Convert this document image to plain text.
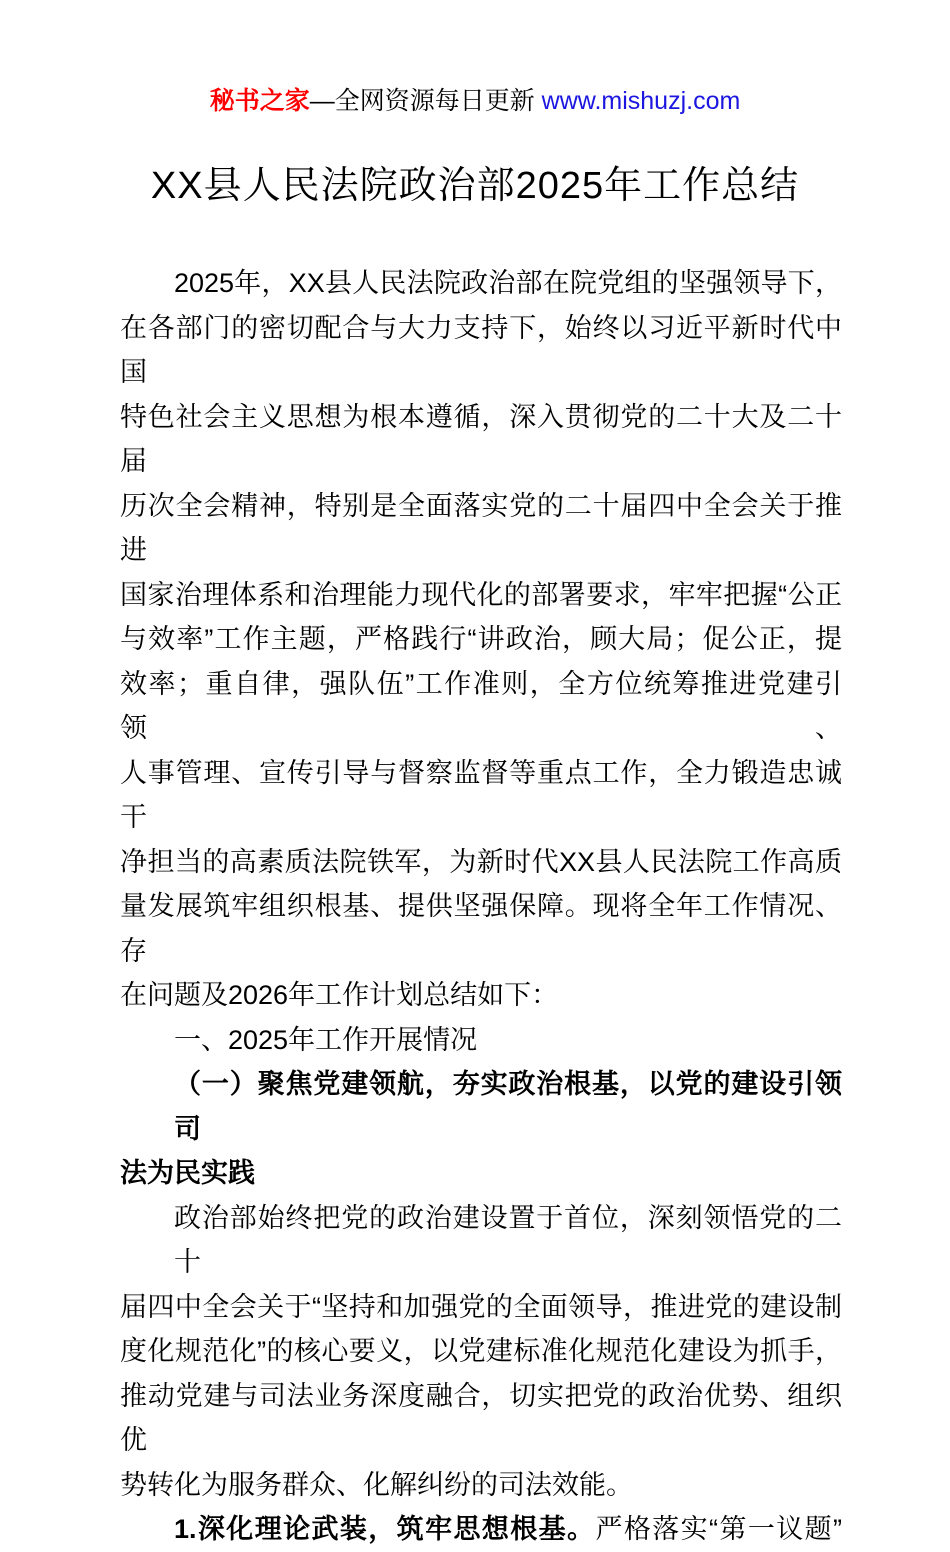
秘书之家—全网资源每日更新 www.mishuzj.com
XX县人民法院政治部2025年工作总结
2025年，XX县人民法院政治部在院党组的坚强领导下，
在各部门的密切配合与大力支持下，始终以习近平新时代中国
特色社会主义思想为根本遵循，深入贯彻党的二十大及二十届
历次全会精神，特别是全面落实党的二十届四中全会关于推进
国家治理体系和治理能力现代化的部署要求，牢牢把握“公正
与效率”工作主题，严格践行“讲政治，顾大局；促公正，提
效率；重自律，强队伍”工作准则，全方位统筹推进党建引领、
人事管理、宣传引导与督察监督等重点工作，全力锻造忠诚干
净担当的高素质法院铁军，为新时代XX县人民法院工作高质
量发展筑牢组织根基、提供坚强保障。现将全年工作情况、存
在问题及2026年工作计划总结如下：
一、2025年工作开展情况
（一）聚焦党建领航，夯实政治根基，以党的建设引领司
法为民实践
政治部始终把党的政治建设置于首位，深刻领悟党的二十
届四中全会关于“坚持和加强党的全面领导，推进党的建设制
度化规范化”的核心要义，以党建标准化规范化建设为抓手，
推动党建与司法业务深度融合，切实把党的政治优势、组织优
势转化为服务群众、化解纠纷的司法效能。
1.深化理论武装，筑牢思想根基。严格落实“第一议题”
